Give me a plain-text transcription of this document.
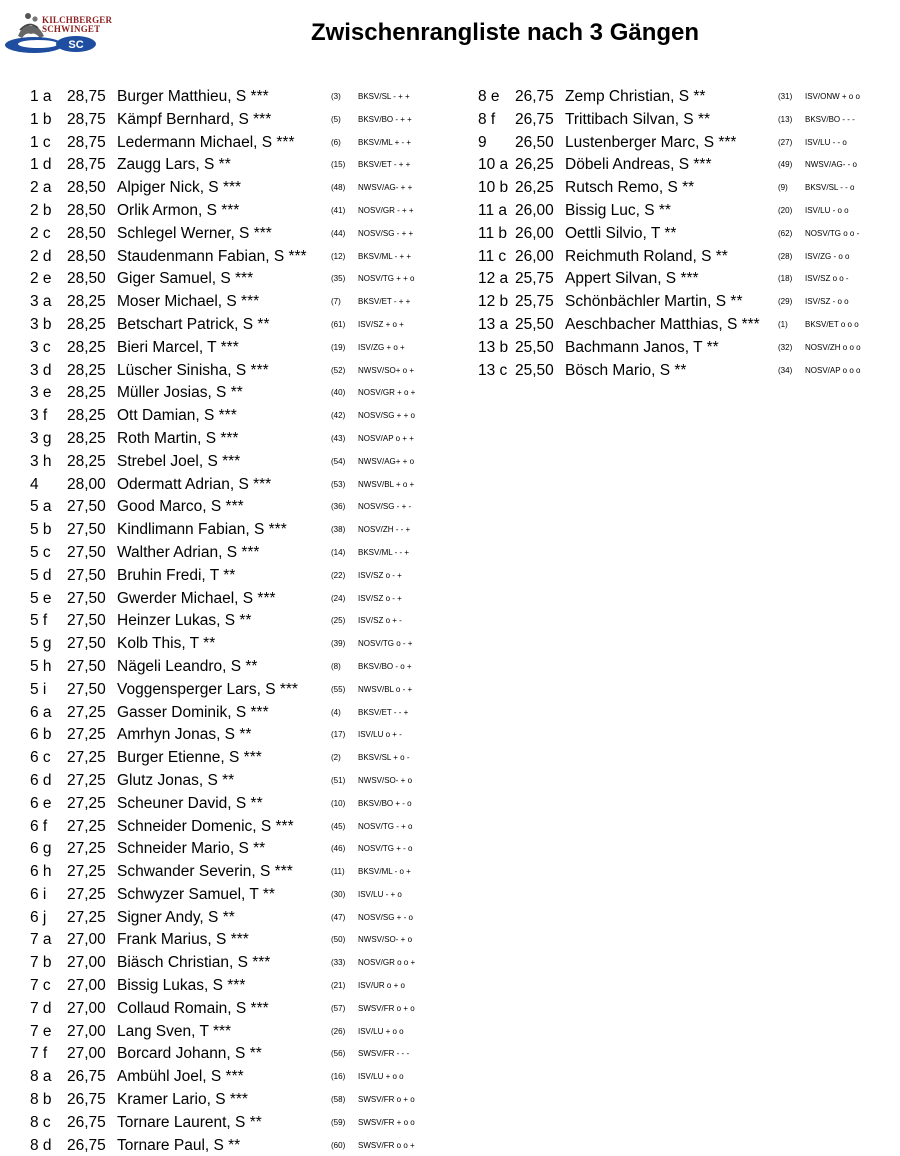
SC
KILCHBERGER
SCHWINGET	Zwischenrangliste nach 3 Gängen
1 a 28,75 Burger Matthieu, S ***	(3) BKSV/SL - + +
1 b 28,75 Kämpf Bernhard, S ***	(5) BKSV/BO - + +
1 c 28,75 Ledermann Michael, S ***	(6) BKSV/ML + - +
1 d 28,75 Zaugg Lars, S **	(15) BKSV/ET - + +
2 a 28,50 Alpiger Nick, S ***	(48) NWSV/AG- + +
2 b 28,50 Orlik Armon, S ***	(41) NOSV/GR - + +
2 c 28,50 Schlegel Werner, S ***	(44) NOSV/SG - + +
2 d 28,50 Staudenmann Fabian, S ***	(12) BKSV/ML - + +
2 e 28,50 Giger Samuel, S ***	(35) NOSV/TG + + o
3 a 28,25 Moser Michael, S ***	(7) BKSV/ET - + +
3 b 28,25 Betschart Patrick, S **	(61) ISV/SZ + o +
3 c 28,25 Bieri Marcel, T ***	(19) ISV/ZG + o +
3 d 28,25 Lüscher Sinisha, S ***	(52) NWSV/SO+ o +
3 e 28,25 Müller Josias, S **	(40) NOSV/GR + o +
3 f 28,25 Ott Damian, S ***	(42) NOSV/SG + + o
3 g 28,25 Roth Martin, S ***	(43) NOSV/AP o + +
3 h 28,25 Strebel Joel, S ***	(54) NWSV/AG+ + o
4 28,00 Odermatt Adrian, S ***	(53) NWSV/BL + o +
5 a 27,50 Good Marco, S ***	(36) NOSV/SG - + -
5 b 27,50 Kindlimann Fabian, S ***	(38) NOSV/ZH - - +
5 c 27,50 Walther Adrian, S ***	(14) BKSV/ML - - +
5 d 27,50 Bruhin Fredi, T **	(22) ISV/SZ o - +
5 e 27,50 Gwerder Michael, S ***	(24) ISV/SZ o - +
5 f 27,50 Heinzer Lukas, S **	(25) ISV/SZ o + -
5 g 27,50 Kolb This, T **	(39) NOSV/TG o - +
5 h 27,50 Nägeli Leandro, S **	(8) BKSV/BO - o +
5 i 27,50 Voggensperger Lars, S ***	(55) NWSV/BL o - +
6 a 27,25 Gasser Dominik, S ***	(4) BKSV/ET - - +
6 b 27,25 Amrhyn Jonas, S **	(17) ISV/LU o + -
6 c 27,25 Burger Etienne, S ***	(2) BKSV/SL + o -
6 d 27,25 Glutz Jonas, S **	(51) NWSV/SO- + o
6 e 27,25 Scheuner David, S **	(10) BKSV/BO + - o
6 f 27,25 Schneider Domenic, S ***	(45) NOSV/TG - + o
6 g 27,25 Schneider Mario, S **	(46) NOSV/TG + - o
6 h 27,25 Schwander Severin, S ***	(11) BKSV/ML - o +
6 i 27,25 Schwyzer Samuel, T **	(30) ISV/LU - + o
6 j 27,25 Signer Andy, S **	(47) NOSV/SG + - o
7 a 27,00 Frank Marius, S ***	(50) NWSV/SO- + o
7 b 27,00 Biäsch Christian, S ***	(33) NOSV/GR o o +
7 c 27,00 Bissig Lukas, S ***	(21) ISV/UR o + o
7 d 27,00 Collaud Romain, S ***	(57) SWSV/FR o + o
7 e 27,00 Lang Sven, T ***	(26) ISV/LU + o o
7 f 27,00 Borcard Johann, S **	(56) SWSV/FR - - -
8 a 26,75 Ambühl Joel, S ***	(16) ISV/LU + o o
8 b 26,75 Kramer Lario, S ***	(58) SWSV/FR o + o
8 c 26,75 Tornare Laurent, S **	(59) SWSV/FR + o o
8 d 26,75 Tornare Paul, S **	(60) SWSV/FR o o +
8 e 26,75 Zemp Christian, S **	(31) ISV/ONW + o o
8 f 26,75 Trittibach Silvan, S **	(13) BKSV/BO - - -
9 26,50 Lustenberger Marc, S ***	(27) ISV/LU - - o
10 a 26,25 Döbeli Andreas, S ***	(49) NWSV/AG- - o
10 b 26,25 Rutsch Remo, S **	(9) BKSV/SL - - o
11 a 26,00 Bissig Luc, S **	(20) ISV/LU - o o
11 b 26,00 Oettli Silvio, T **	(62) NOSV/TG o o -
11 c 26,00 Reichmuth Roland, S **	(28) ISV/ZG - o o
12 a 25,75 Appert Silvan, S ***	(18) ISV/SZ o o -
12 b 25,75 Schönbächler Martin, S **	(29) ISV/SZ - o o
13 a 25,50 Aeschbacher Matthias, S *** (1) BKSV/ET o o o
13 b 25,50 Bachmann Janos, T **	(32) NOSV/ZH o o o
13 c 25,50 Bösch Mario, S **	(34) NOSV/AP o o o
